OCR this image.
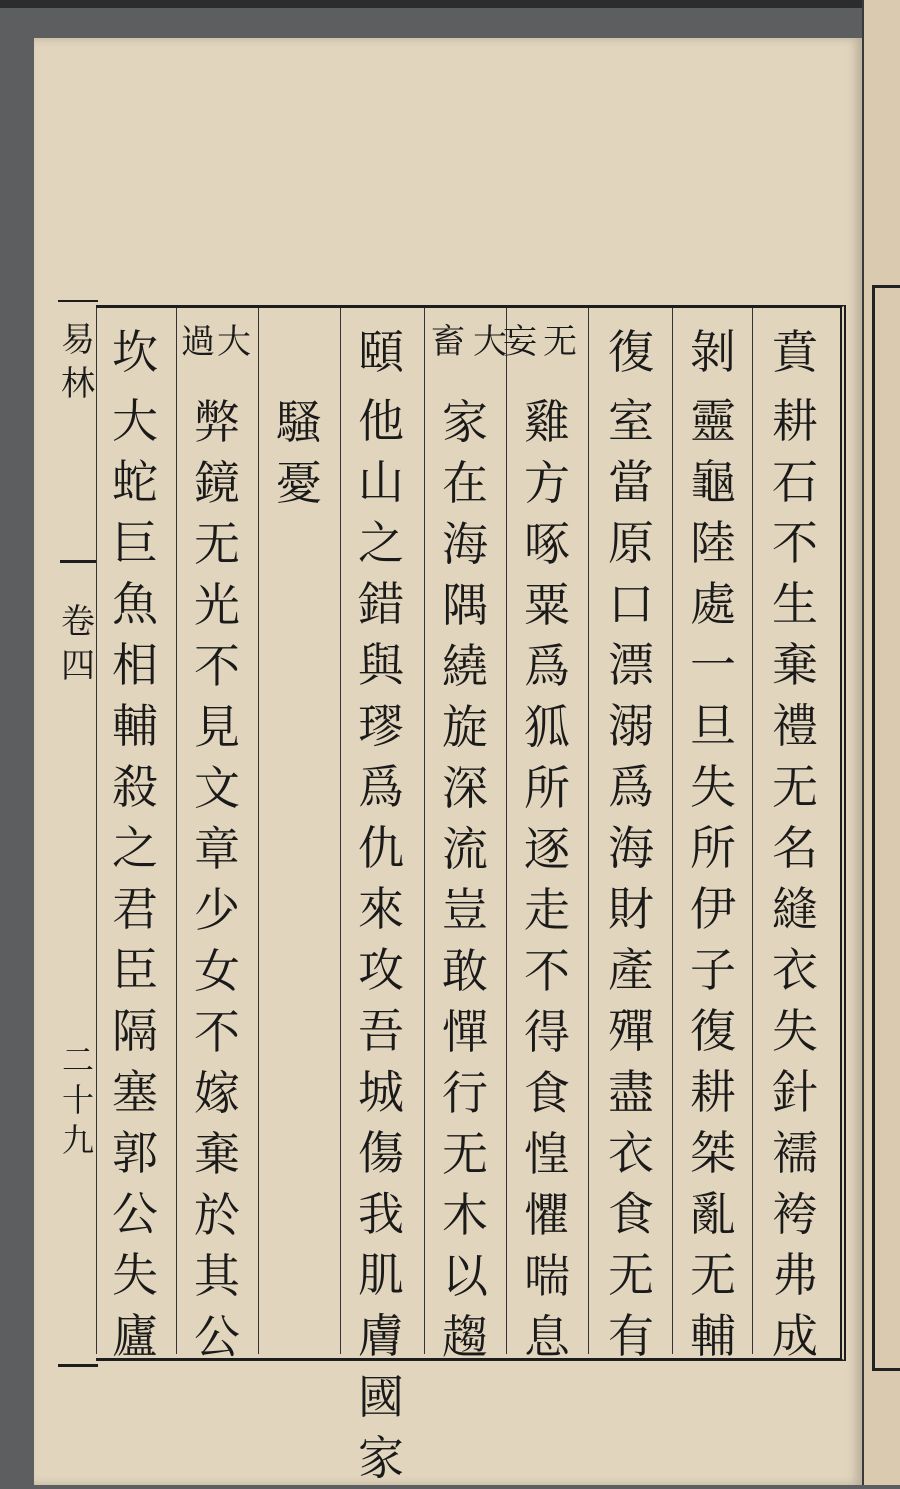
易
林
卷
四
二
十
九
賁
耕
石
不
生
棄
禮
无
名
縫
衣
失
針
襦
袴
弗
成
剝
靈
龜
陸
處
一
旦
失
所
伊
子
復
耕
桀
亂
无
輔
復
室
當
原
口
漂
溺
爲
海
財
產
殫
盡
衣
食
无
有
无
妄
雞
方
啄
粟
爲
狐
所
逐
走
不
得
食
惶
懼
喘
息
大
畜
家
在
海
隅
繞
旋
深
流
豈
敢
憚
行
无
木
以
趨
頤
他
山
之
錯
與
璆
爲
仇
來
攻
吾
城
傷
我
肌
膚
國
家
騷
憂
大
過
弊
鏡
无
光
不
見
文
章
少
女
不
嫁
棄
於
其
公
坎
大
蛇
巨
魚
相
輔
殺
之
君
臣
隔
塞
郭
公
失
廬
